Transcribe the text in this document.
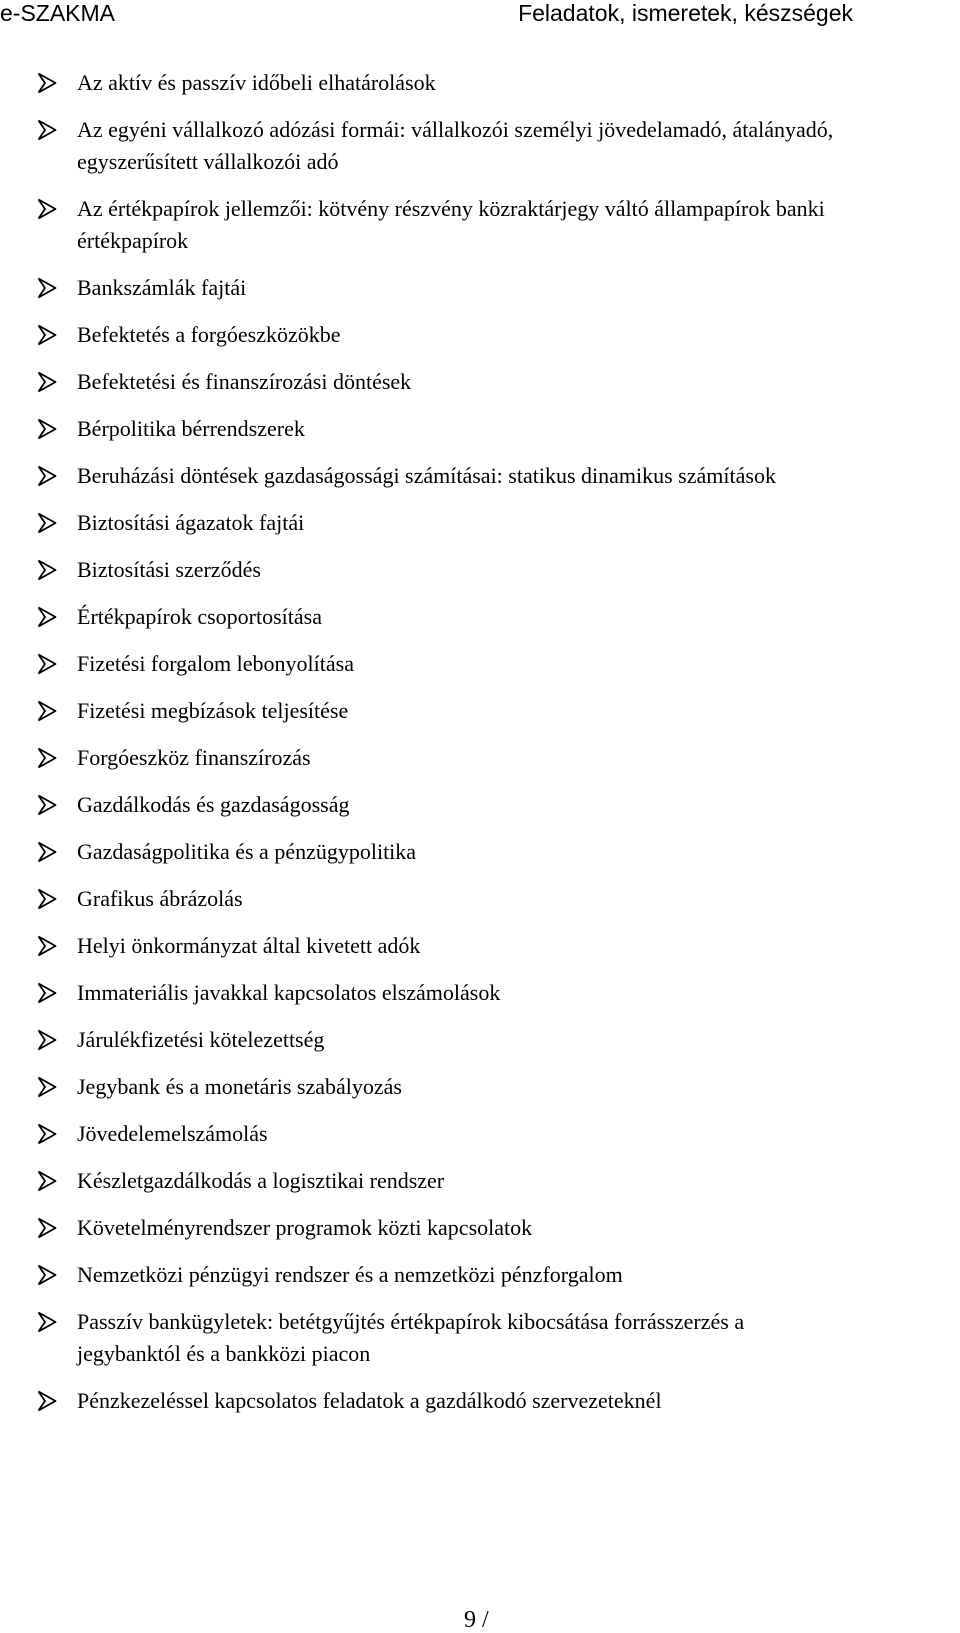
e-SZAKMA	Feladatok, ismeretek, készségek
Az aktív és passzív időbeli elhatárolások
Az egyéni vállalkozó adózási formái: vállalkozói személyi jövedelamadó, átalányadó,
egyszerűsített vállalkozói adó
Az értékpapírok jellemzői: kötvény részvény közraktárjegy váltó állampapírok banki
értékpapírok
Bankszámlák fajtái
Befektetés a forgóeszközökbe
Befektetési és finanszírozási döntések
Bérpolitika bérrendszerek
Beruházási döntések gazdaságossági számításai: statikus dinamikus számítások
Biztosítási ágazatok fajtái
Biztosítási szerződés
Értékpapírok csoportosítása
Fizetési forgalom lebonyolítása
Fizetési megbízások teljesítése
Forgóeszköz finanszírozás
Gazdálkodás és gazdaságosság
Gazdaságpolitika és a pénzügypolitika
Grafikus ábrázolás
Helyi önkormányzat által kivetett adók
Immateriális javakkal kapcsolatos elszámolások
Járulékfizetési kötelezettség
Jegybank és a monetáris szabályozás
Jövedelemelszámolás
Készletgazdálkodás a logisztikai rendszer
Követelményrendszer programok közti kapcsolatok
Nemzetközi pénzügyi rendszer és a nemzetközi pénzforgalom
Passzív bankügyletek: betétgyűjtés értékpapírok kibocsátása forrásszerzés a
jegybanktól és a bankközi piacon
Pénzkezeléssel kapcsolatos feladatok a gazdálkodó szervezeteknél
9 /
